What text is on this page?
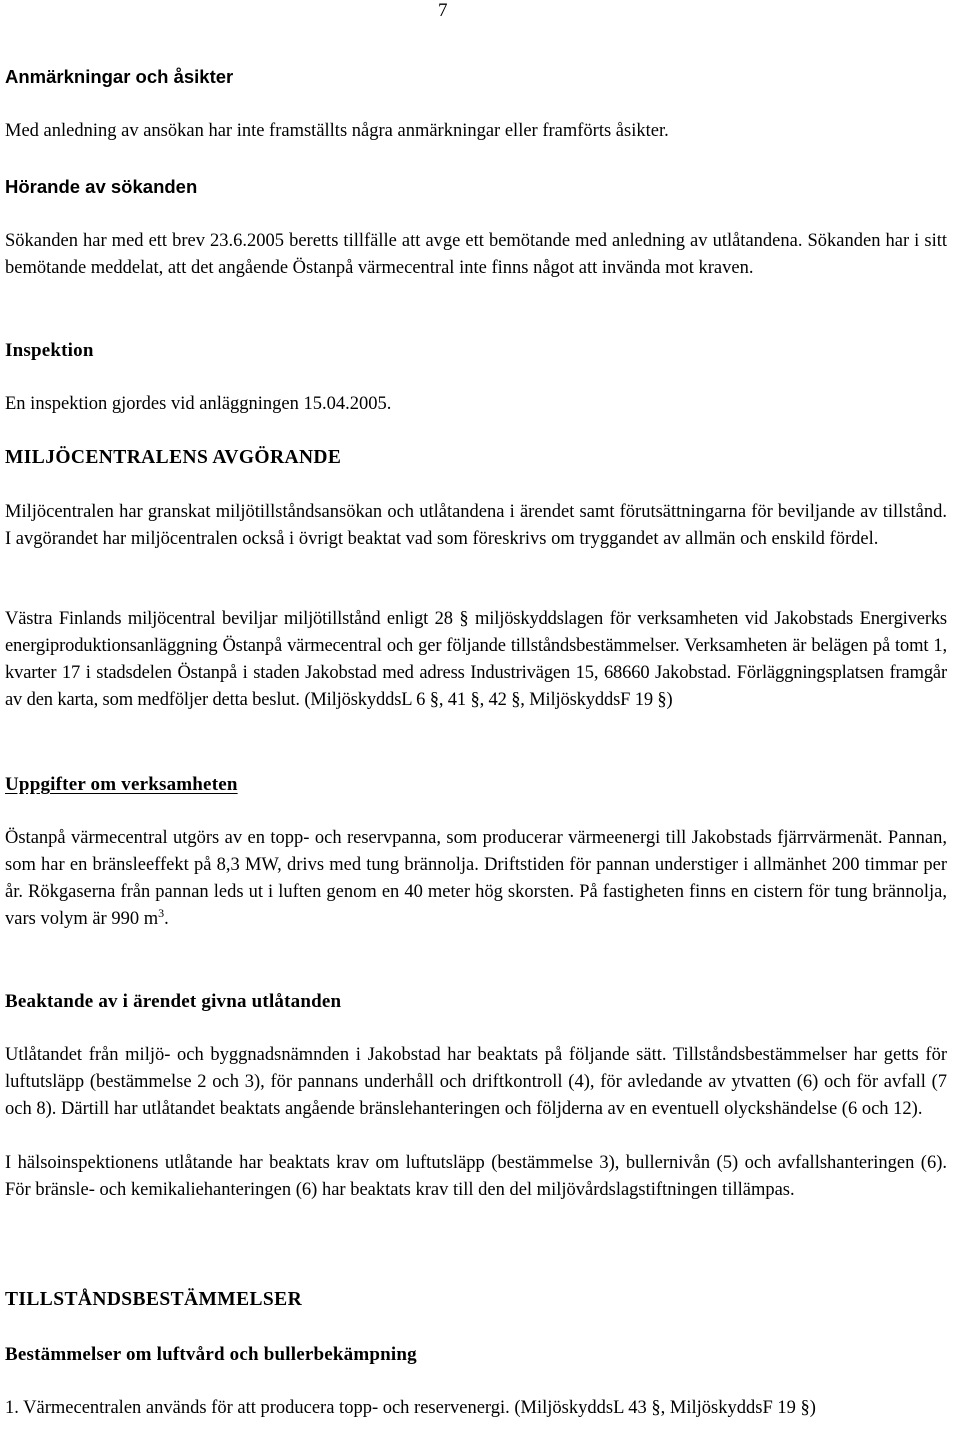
7
Anmärkningar och åsikter

Med anledning av ansökan har inte framställts några anmärkningar eller framförts åsikter.

Hörande av sökanden

Sökanden har med ett brev 23.6.2005 beretts tillfälle att avge ett bemötande med anledning av utlåtandena. Sökanden har i sitt bemötande meddelat, att det angående Östanpå värmecentral inte finns något att invända mot kraven.

Inspektion

En inspektion gjordes vid anläggningen 15.04.2005.

MILJÖCENTRALENS AVGÖRANDE

Miljöcentralen har granskat miljötillståndsansökan och utlåtandena i ärendet samt förutsättningarna för beviljande av tillstånd. I avgörandet har miljöcentralen också i övrigt beaktat vad som föreskrivs om tryggandet av allmän och enskild fördel.

Västra Finlands miljöcentral beviljar miljötillstånd enligt 28 § miljöskyddslagen för verksamheten vid Jakobstads Energiverks energiproduktionsanläggning Östanpå värmecentral och ger följande tillståndsbestämmelser. Verksamheten är belägen på tomt 1, kvarter 17 i stadsdelen Östanpå i staden Jakobstad med adress Industrivägen 15, 68660 Jakobstad. Förläggningsplatsen framgår av den karta, som medföljer detta beslut. (MiljöskyddsL 6 §, 41 §, 42 §, MiljöskyddsF 19 §)

Uppgifter om verksamheten

Östanpå värmecentral utgörs av en topp- och reservpanna, som producerar värmeenergi till Jakobstads fjärrvärmenät. Pannan, som har en bränsleeffekt på 8,3 MW, drivs med tung brännolja. Driftstiden för pannan understiger i allmänhet 200 timmar per år. Rökgaserna från pannan leds ut i luften genom en 40 meter hög skorsten. På fastigheten finns en cistern för tung brännolja, vars volym är 990 $m^3$.

Beaktande av i ärendet givna utlåtanden

Utlåtandet från miljö- och byggnadsnämnden i Jakobstad har beaktats på följande sätt. Tillståndsbestämmelser har getts för luftutsläpp (bestämmelse 2 och 3), för pannans underhåll och driftkontroll (4), för avledande av ytvatten (6) och för avfall (7 och 8). Därtill har utlåtandet beaktats angående bränslehanteringen och följderna av en eventuell olyckshändelse (6 och 12).

I hälsoinspektionens utlåtande har beaktats krav om luftutsläpp (bestämmelse 3), bullernivån (5) och avfallshanteringen (6). För bränsle- och kemikaliehanteringen (6) har beaktats krav till den del miljövårdslagstiftningen tillämpas.

TILLSTÅNDSBESTÄMMELSER
Bestämmelser om luftvård och bullerbekämpning

1. Värmecentralen används för att producera topp- och reservenergi. (MiljöskyddsL 43 §, MiljöskyddsF 19 §)
